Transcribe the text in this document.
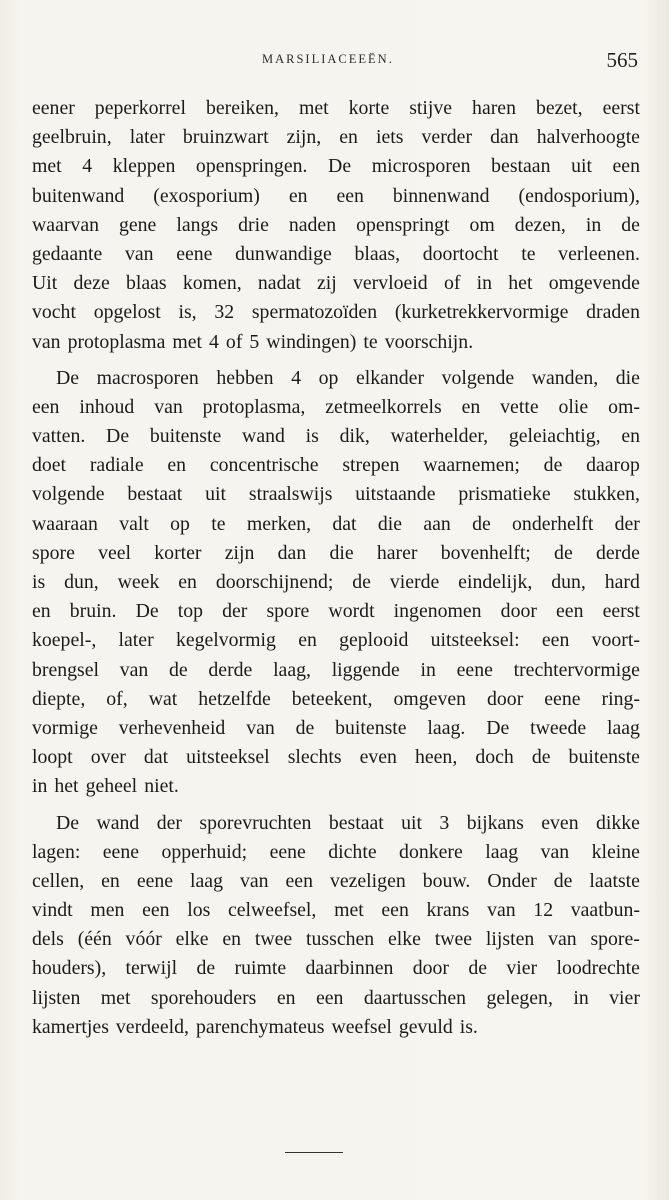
MARSILIACEEËN.	565
eener peperkorrel bereiken, met korte stijve haren bezet, eerst
geelbruin, later bruinzwart zijn, en iets verder dan halverhoogte
met 4 kleppen openspringen. De microsporen bestaan uit een
buitenwand (exosporium) en een binnenwand (endosporium),
waarvan gene langs drie naden openspringt om dezen, in de
gedaante van eene dunwandige blaas, doortocht te verleenen.
Uit deze blaas komen, nadat zij vervloeid of in het omgevende
vocht opgelost is, 32 spermatozoïden (kurketrekkervormige draden
van protoplasma met 4 of 5 windingen) te voorschijn.
De macrosporen hebben 4 op elkander volgende wanden, die
een inhoud van protoplasma, zetmeelkorrels en vette olie om-
vatten. De buitenste wand is dik, waterhelder, geleiachtig, en
doet radiale en concentrische strepen waarnemen; de daarop
volgende bestaat uit straalswijs uitstaande prismatieke stukken,
waaraan valt op te merken, dat die aan de onderhelft der
spore veel korter zijn dan die harer bovenhelft; de derde
is dun, week en doorschijnend; de vierde eindelijk, dun, hard
en bruin. De top der spore wordt ingenomen door een eerst
koepel-, later kegelvormig en geplooid uitsteeksel: een voort-
brengsel van de derde laag, liggende in eene trechtervormige
diepte, of, wat hetzelfde beteekent, omgeven door eene ring-
vormige verhevenheid van de buitenste laag. De tweede laag
loopt over dat uitsteeksel slechts even heen, doch de buitenste
in het geheel niet.
De wand der sporevruchten bestaat uit 3 bijkans even dikke
lagen: eene opperhuid; eene dichte donkere laag van kleine
cellen, en eene laag van een vezeligen bouw. Onder de laatste
vindt men een los celweefsel, met een krans van 12 vaatbun-
dels (één vóór elke en twee tusschen elke twee lijsten van spore-
houders), terwijl de ruimte daarbinnen door de vier loodrechte
lijsten met sporehouders en een daartusschen gelegen, in vier
kamertjes verdeeld, parenchymateus weefsel gevuld is.
